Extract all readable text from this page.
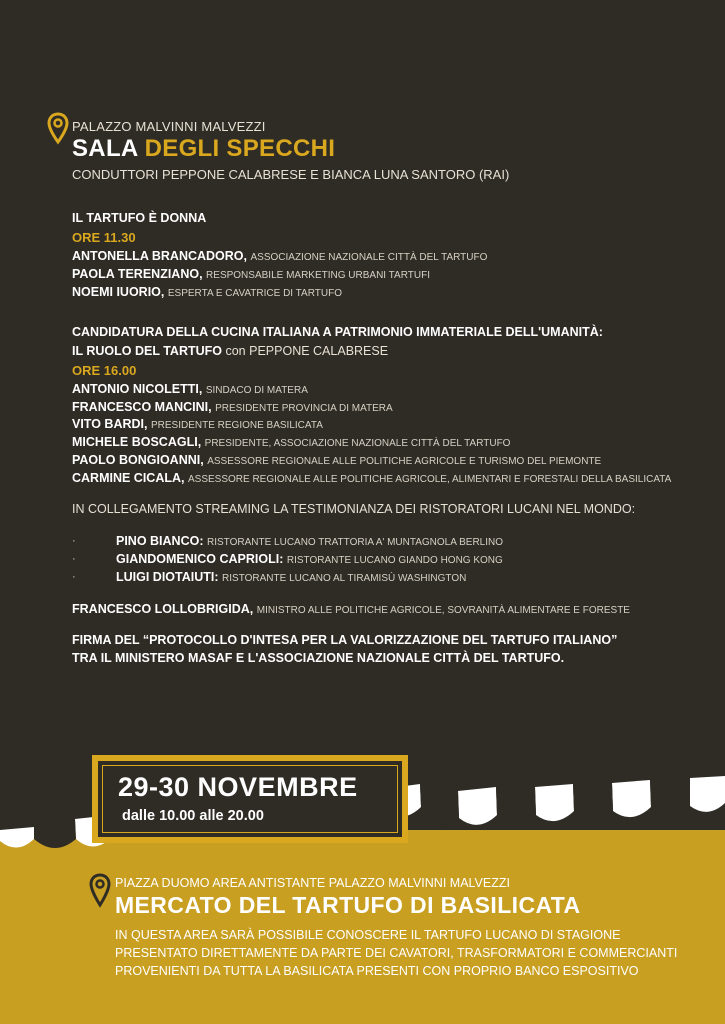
PALAZZO MALVINNI MALVEZZI
SALA DEGLI SPECCHI
CONDUTTORI PEPPONE CALABRESE E BIANCA LUNA SANTORO (RAI)
IL TARTUFO È DONNA
ORE 11.30
ANTONELLA BRANCADORO, ASSOCIAZIONE NAZIONALE CITTÀ DEL TARTUFO
PAOLA TERENZIANO, RESPONSABILE MARKETING URBANI TARTUFI
NOEMI IUORIO, ESPERTA E CAVATRICE DI TARTUFO
CANDIDATURA DELLA CUCINA ITALIANA A PATRIMONIO IMMATERIALE DELL'UMANITÀ:
IL RUOLO DEL TARTUFO con PEPPONE CALABRESE
ORE 16.00
ANTONIO NICOLETTI, SINDACO DI MATERA
FRANCESCO MANCINI, PRESIDENTE PROVINCIA DI MATERA
VITO BARDI, PRESIDENTE REGIONE BASILICATA
MICHELE BOSCAGLI, PRESIDENTE, ASSOCIAZIONE NAZIONALE CITTÀ DEL TARTUFO
PAOLO BONGIOANNI, ASSESSORE REGIONALE ALLE POLITICHE AGRICOLE E TURISMO DEL PIEMONTE
CARMINE CICALA, ASSESSORE REGIONALE ALLE POLITICHE AGRICOLE, ALIMENTARI E FORESTALI DELLA BASILICATA
IN COLLEGAMENTO STREAMING LA TESTIMONIANZA DEI RISTORATORI LUCANI NEL MONDO:
·	PINO BIANCO: RISTORANTE LUCANO TRATTORIA A' MUNTAGNOLA BERLINO
·	GIANDOMENICO CAPRIOLI: RISTORANTE LUCANO GIANDO HONG KONG
·	LUIGI DIOTAIUTI: RISTORANTE LUCANO AL TIRAMISÙ WASHINGTON
FRANCESCO LOLLOBRIGIDA, MINISTRO ALLE POLITICHE AGRICOLE, SOVRANITÀ ALIMENTARE E FORESTE
FIRMA DEL “PROTOCOLLO D'INTESA PER LA VALORIZZAZIONE DEL TARTUFO ITALIANO”
TRA IL MINISTERO MASAF E L'ASSOCIAZIONE NAZIONALE CITTÀ DEL TARTUFO.
29-30 NOVEMBRE
dalle 10.00 alle 20.00
PIAZZA DUOMO AREA ANTISTANTE PALAZZO MALVINNI MALVEZZI
MERCATO DEL TARTUFO DI BASILICATA
IN QUESTA AREA SARÀ POSSIBILE CONOSCERE IL TARTUFO LUCANO DI STAGIONE
PRESENTATO DIRETTAMENTE DA PARTE DEI CAVATORI, TRASFORMATORI E COMMERCIANTI
PROVENIENTI DA TUTTA LA BASILICATA PRESENTI CON PROPRIO BANCO ESPOSITIVO
